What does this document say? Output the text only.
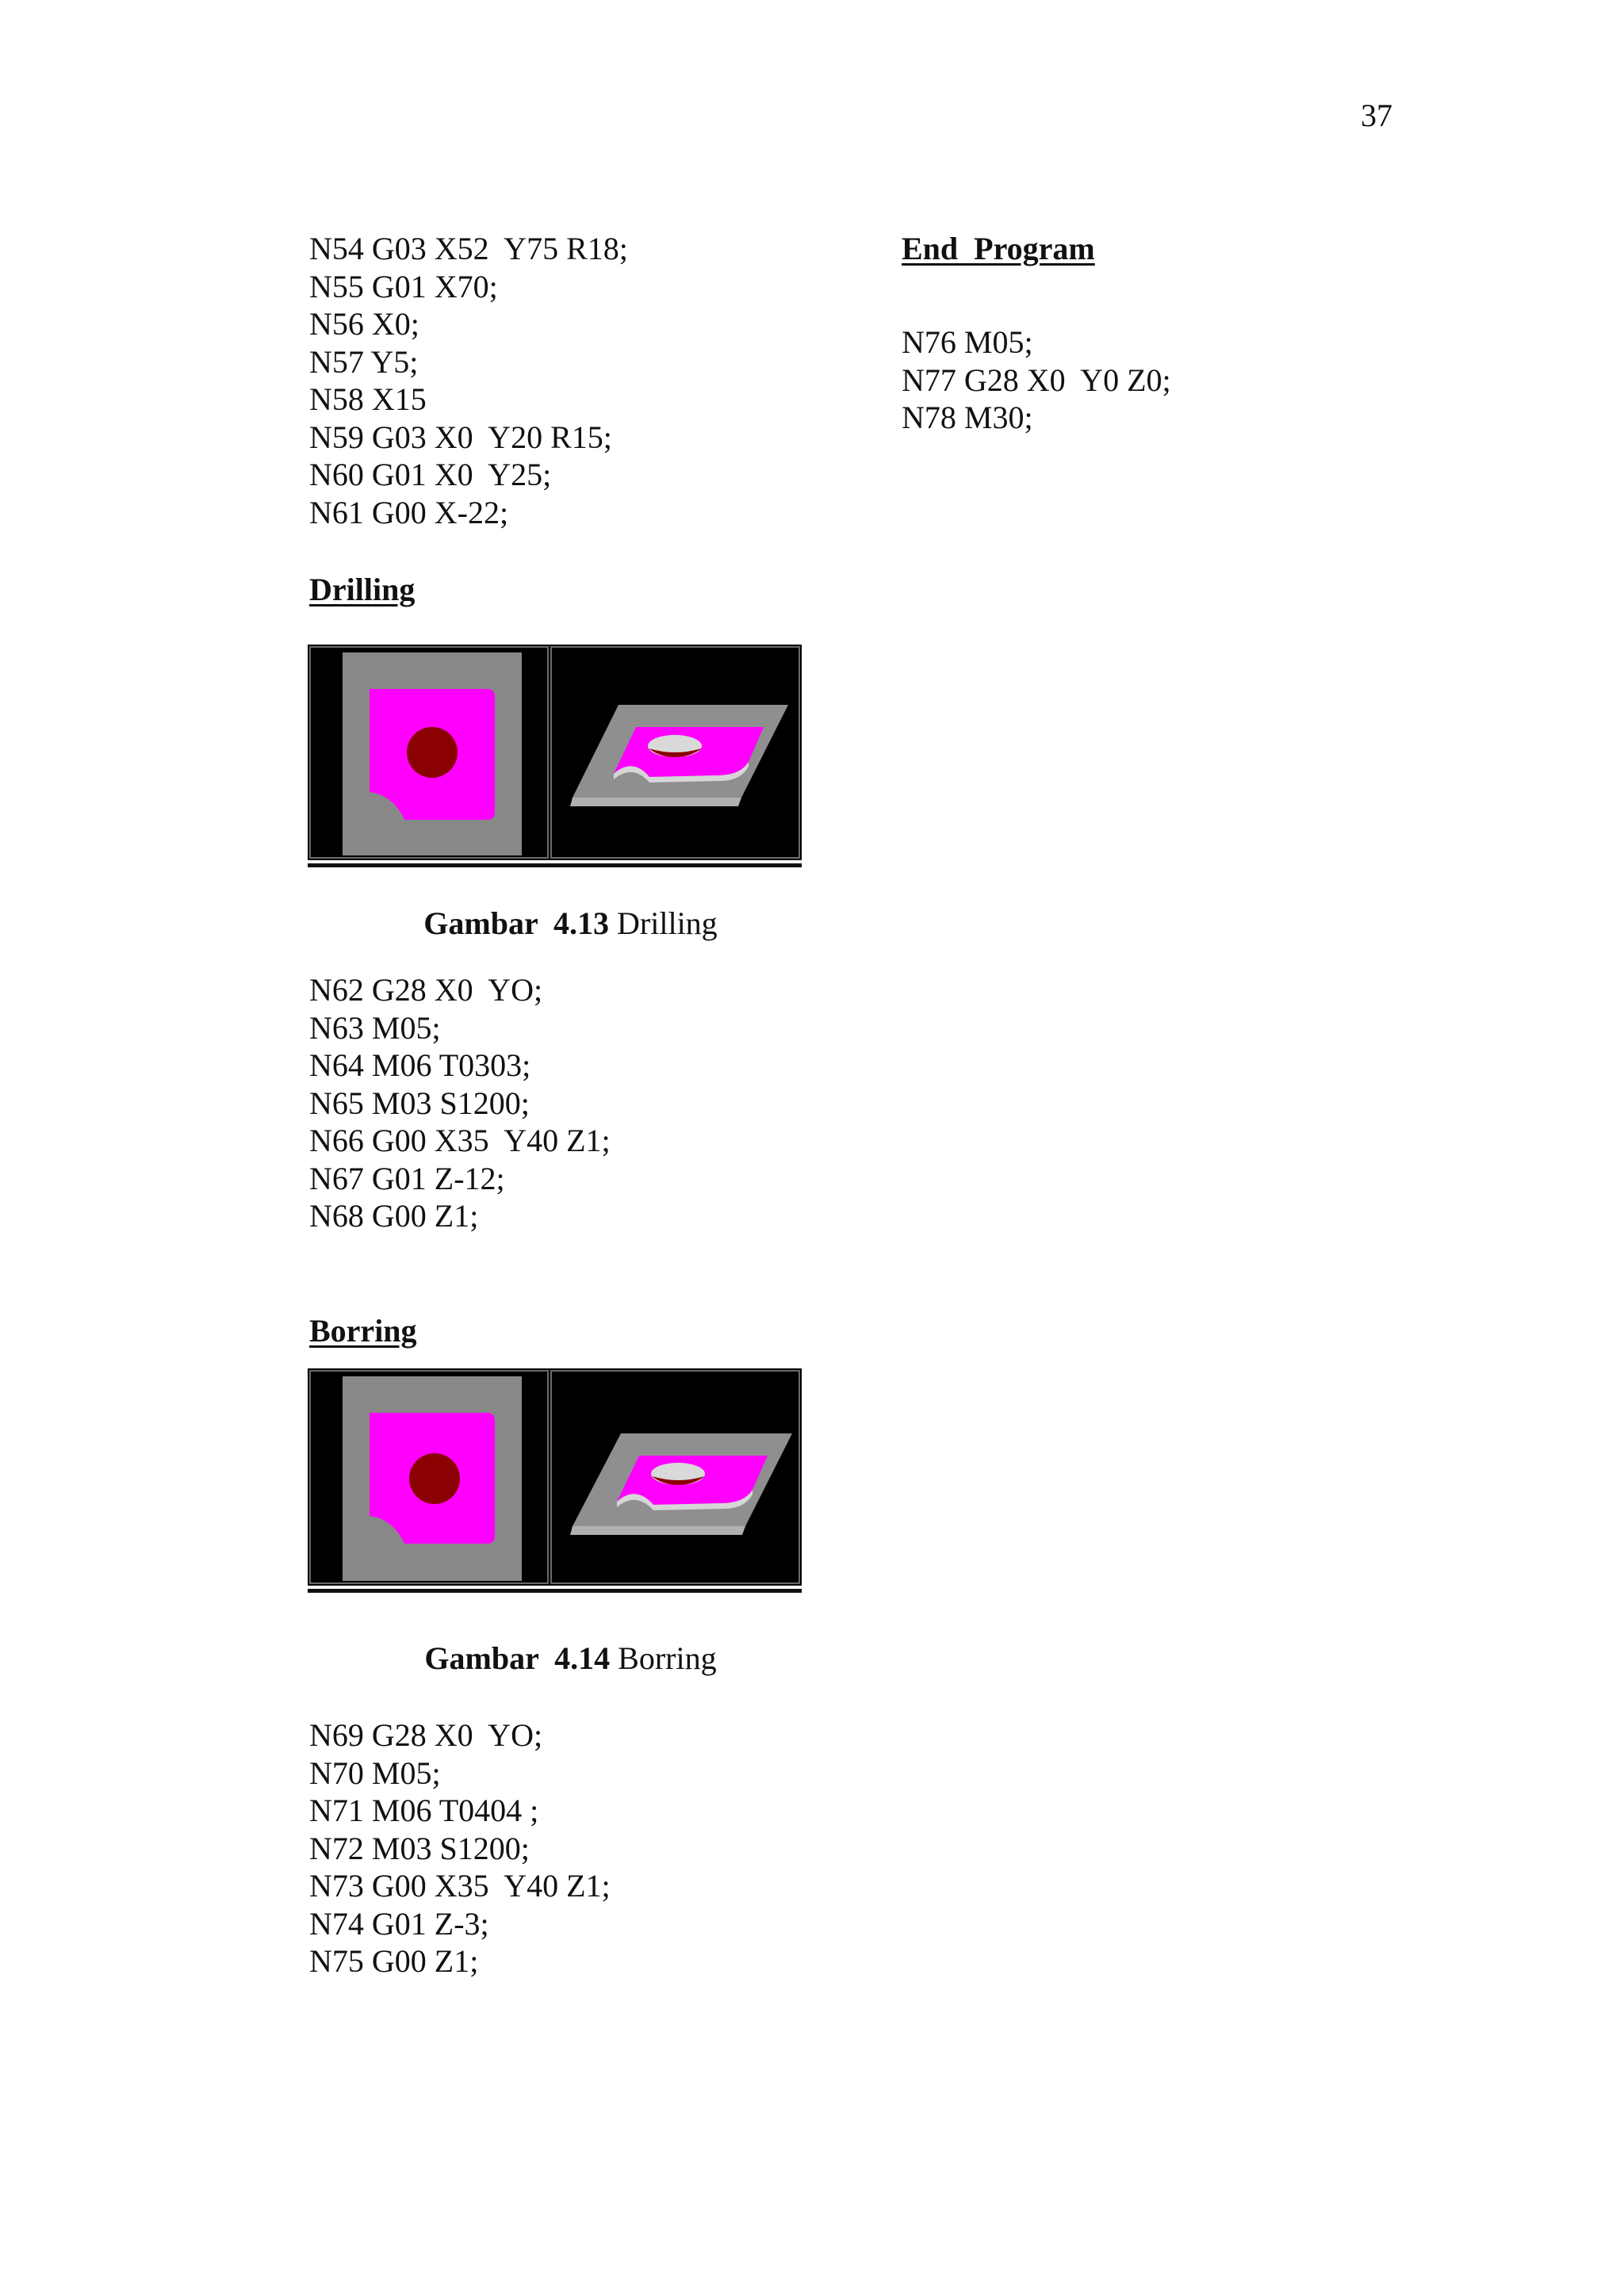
37
N54 G03 X52  Y75 R18;
N55 G01 X70;
N56 X0;
N57 Y5;
N58 X15
N59 G03 X0  Y20 R15;
N60 G01 X0  Y25;
N61 G00 X-22;
Drilling

Gambar  4.13 Drilling

N62 G28 X0  YO;
N63 M05;
N64 M06 T0303;
N65 M03 S1200;
N66 G00 X35  Y40 Z1;
N67 G01 Z-12;
N68 G00 Z1;
Borring

Gambar  4.14 Borring

N69 G28 X0  YO;
N70 M05;
N71 M06 T0404 ;
N72 M03 S1200;
N73 G00 X35  Y40 Z1;
N74 G01 Z-3;
N75 G00 Z1;
End  Program
N76 M05;
N77 G28 X0  Y0 Z0;
N78 M30;
